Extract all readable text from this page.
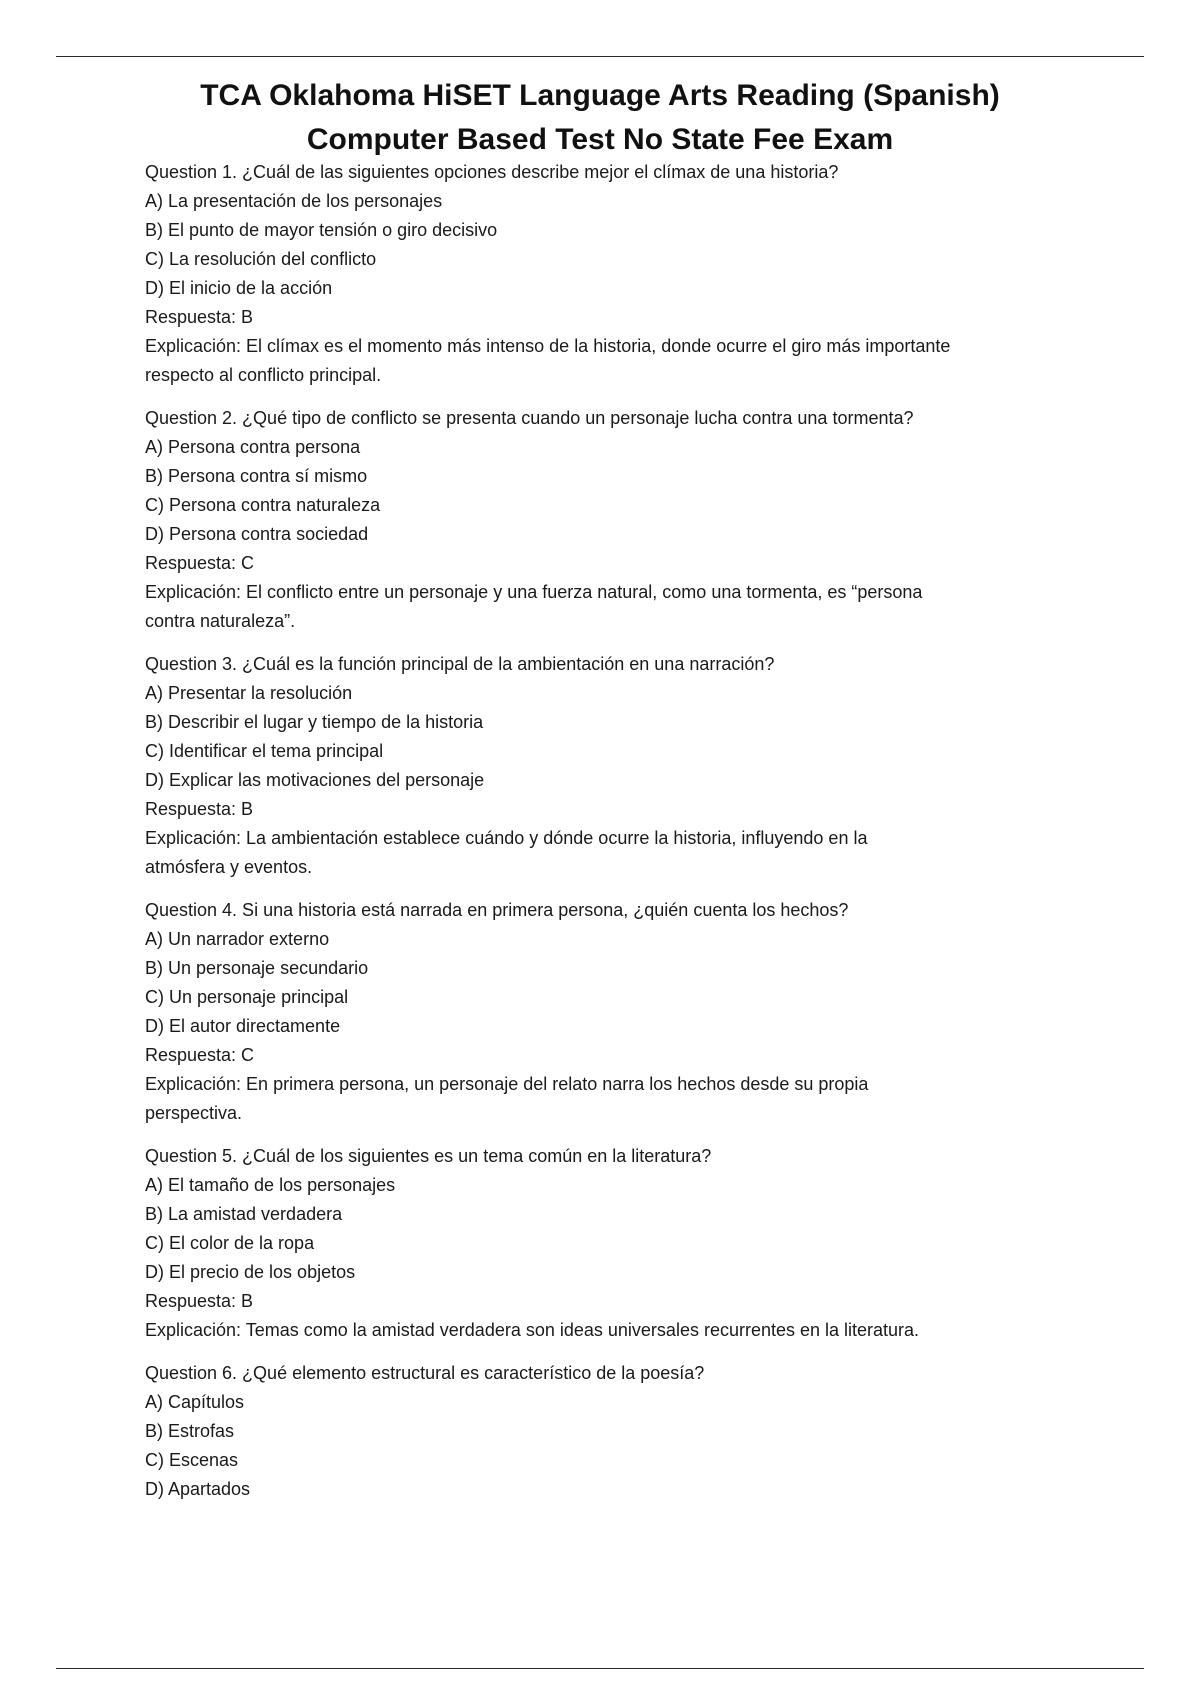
TCA Oklahoma HiSET Language Arts Reading (Spanish)
Computer Based Test No State Fee Exam
Question 1. ¿Cuál de las siguientes opciones describe mejor el clímax de una historia?
A) La presentación de los personajes
B) El punto de mayor tensión o giro decisivo
C) La resolución del conflicto
D) El inicio de la acción
Respuesta: B
Explicación: El clímax es el momento más intenso de la historia, donde ocurre el giro más importante
respecto al conflicto principal.
Question 2. ¿Qué tipo de conflicto se presenta cuando un personaje lucha contra una tormenta?
A) Persona contra persona
B) Persona contra sí mismo
C) Persona contra naturaleza
D) Persona contra sociedad
Respuesta: C
Explicación: El conflicto entre un personaje y una fuerza natural, como una tormenta, es “persona
contra naturaleza”.
Question 3. ¿Cuál es la función principal de la ambientación en una narración?
A) Presentar la resolución
B) Describir el lugar y tiempo de la historia
C) Identificar el tema principal
D) Explicar las motivaciones del personaje
Respuesta: B
Explicación: La ambientación establece cuándo y dónde ocurre la historia, influyendo en la
atmósfera y eventos.
Question 4. Si una historia está narrada en primera persona, ¿quién cuenta los hechos?
A) Un narrador externo
B) Un personaje secundario
C) Un personaje principal
D) El autor directamente
Respuesta: C
Explicación: En primera persona, un personaje del relato narra los hechos desde su propia
perspectiva.
Question 5. ¿Cuál de los siguientes es un tema común en la literatura?
A) El tamaño de los personajes
B) La amistad verdadera
C) El color de la ropa
D) El precio de los objetos
Respuesta: B
Explicación: Temas como la amistad verdadera son ideas universales recurrentes en la literatura.
Question 6. ¿Qué elemento estructural es característico de la poesía?
A) Capítulos
B) Estrofas
C) Escenas
D) Apartados
